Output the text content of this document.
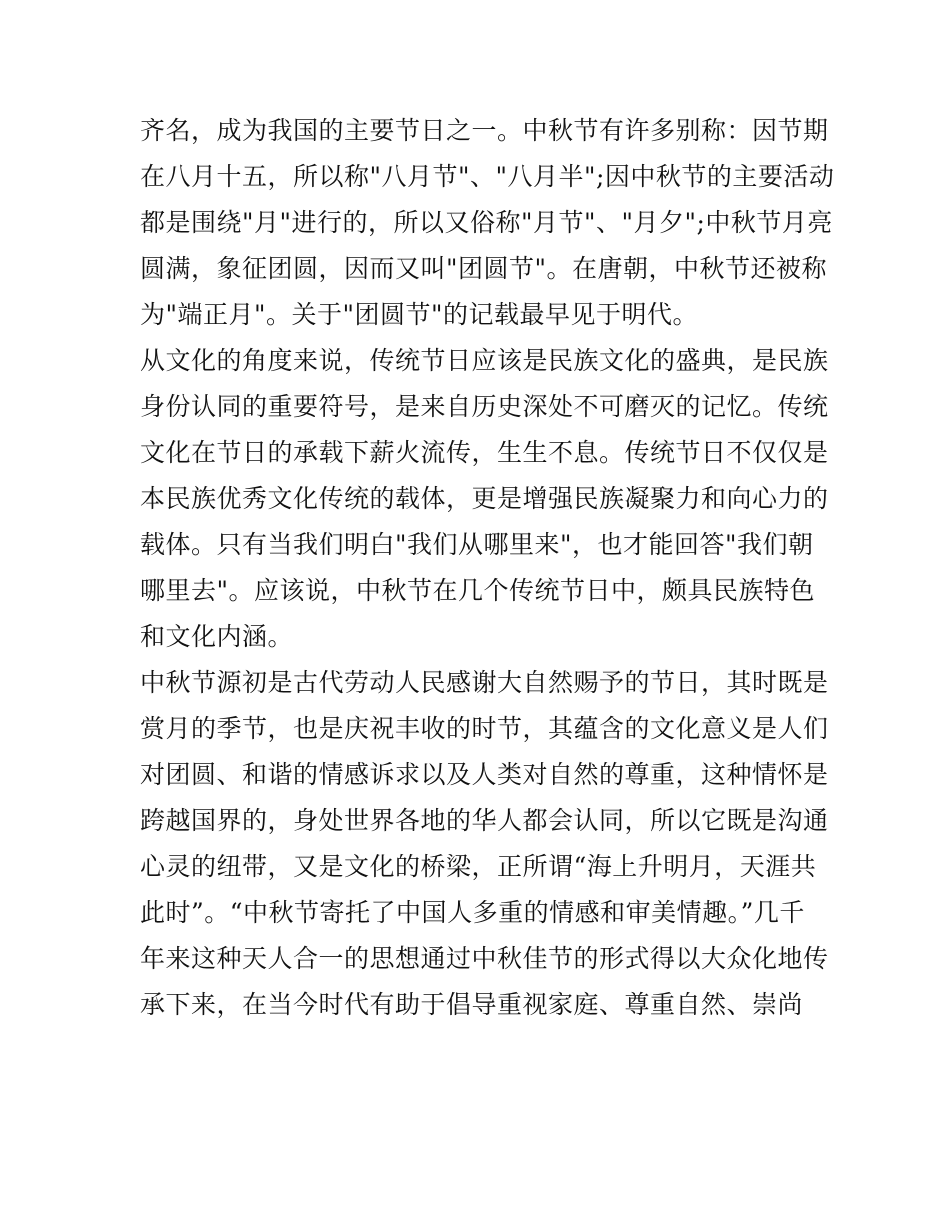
齐名，成为我国的主要节日之一。中秋节有许多别称：因节期
在八月十五，所以称"八月节"、"八月半";因中秋节的主要活动
都是围绕"月"进行的，所以又俗称"月节"、"月夕";中秋节月亮
圆满，象征团圆，因而又叫"团圆节"。在唐朝，中秋节还被称
为"端正月"。关于"团圆节"的记载最早见于明代。
从文化的角度来说，传统节日应该是民族文化的盛典，是民族
身份认同的重要符号，是来自历史深处不可磨灭的记忆。传统
文化在节日的承载下薪火流传，生生不息。传统节日不仅仅是
本民族优秀文化传统的载体，更是增强民族凝聚力和向心力的
载体。只有当我们明白"我们从哪里来"，也才能回答"我们朝
哪里去"。应该说，中秋节在几个传统节日中，颇具民族特色
和文化内涵。
中秋节源初是古代劳动人民感谢大自然赐予的节日，其时既是
赏月的季节，也是庆祝丰收的时节，其蕴含的文化意义是人们
对团圆、和谐的情感诉求以及人类对自然的尊重，这种情怀是
跨越国界的，身处世界各地的华人都会认同，所以它既是沟通
心灵的纽带，又是文化的桥梁，正所谓“海上升明月，天涯共
此时”。“中秋节寄托了中国人多重的情感和审美情趣。”几千
年来这种天人合一的思想通过中秋佳节的形式得以大众化地传
承下来，在当今时代有助于倡导重视家庭、尊重自然、崇尚
